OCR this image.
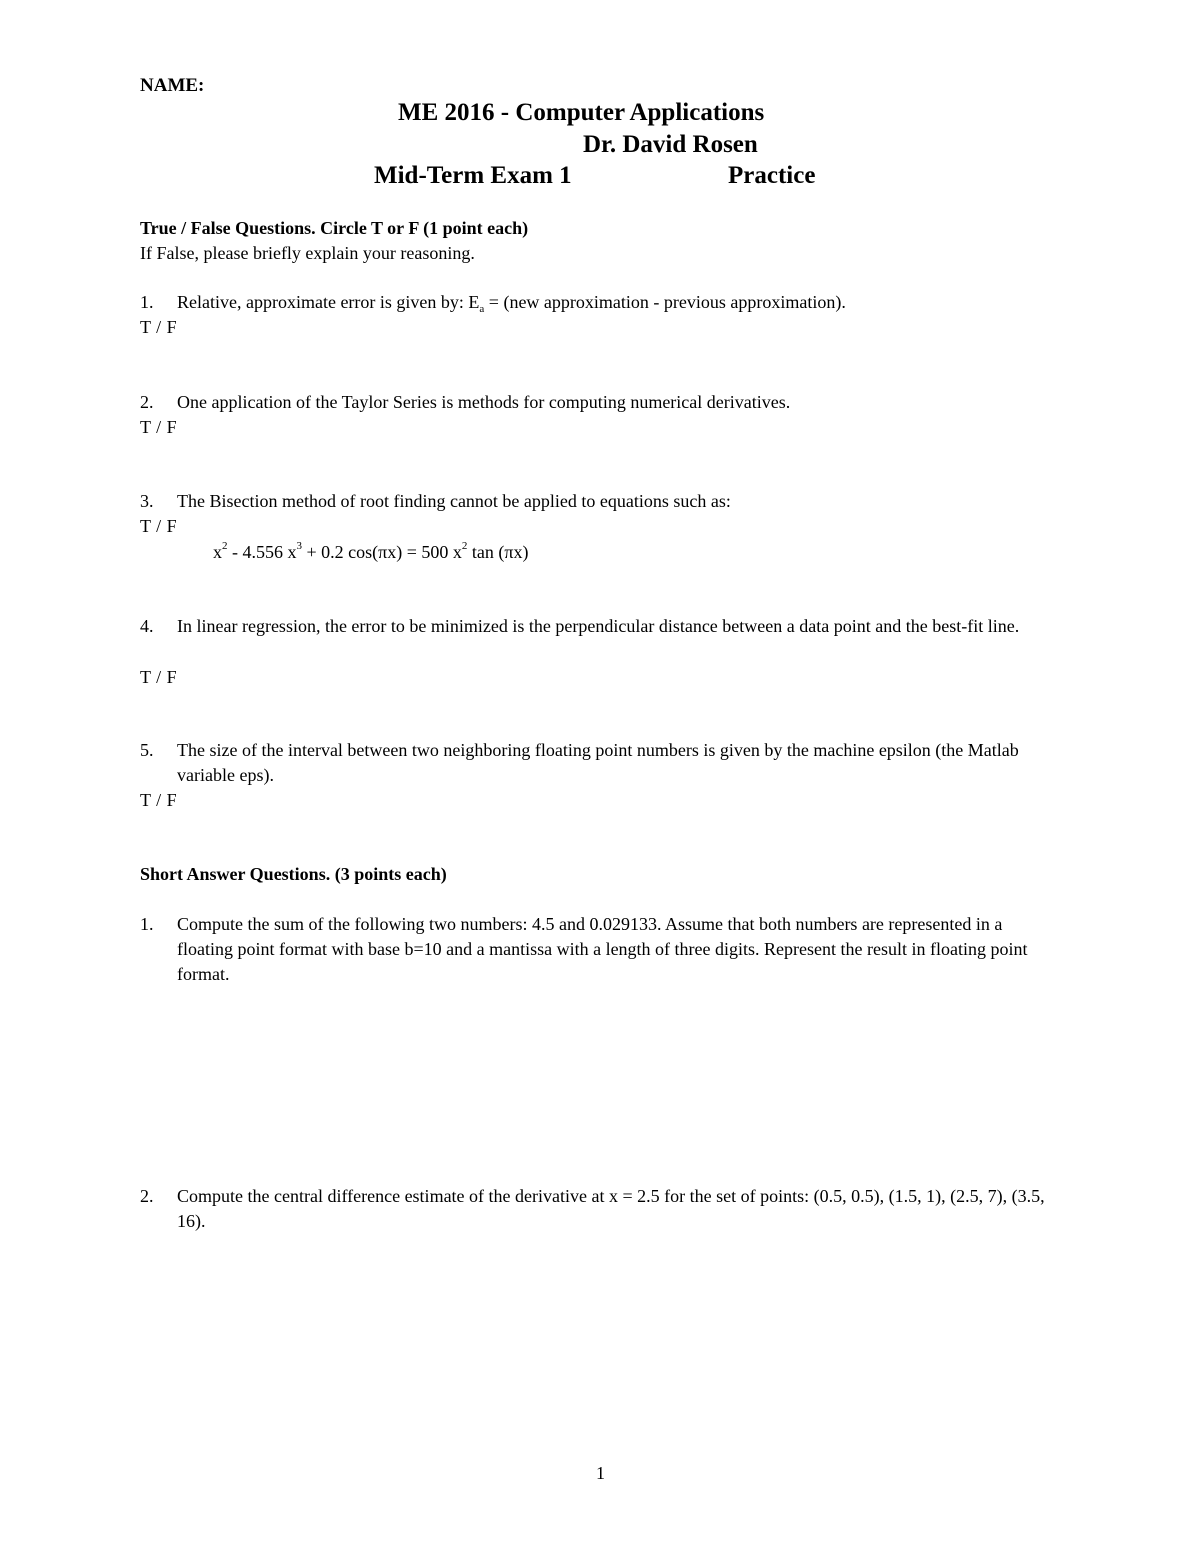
NAME:
ME 2016 - Computer Applications
Dr. David Rosen
Mid-Term Exam 1	Practice
True / False Questions. Circle T or F (1 point each)
If False, please briefly explain your reasoning.
1. Relative, approximate error is given by: $E_a = (new$ approximation - previous approximation).
T / F
2. One application of the Taylor Series is methods for computing numerical derivatives.
T / F
3. The Bisection method of root finding cannot be applied to equations such as:
T / F
$x^2 - 4.556$ $x^3 + 0.2$ cos(πx) = 500 $x^2$ tan (πx)
4. In linear regression, the error to be minimized is the perpendicular distance between a data point and the best-fit line.
T / F
5. The size of the interval between two neighboring floating point numbers is given by the machine epsilon (the Matlab variable eps).
T / F
Short Answer Questions. (3 points each)
1. Compute the sum of the following two numbers: 4.5 and 0.029133. Assume that both numbers are represented in a floating point format with base b=10 and a mantissa with a length of three digits. Represent the result in floating point format.
2. Compute the central difference estimate of the derivative at x = 2.5 for the set of points: (0.5, 0.5), (1.5, 1), (2.5, 7), (3.5, 16).
1
